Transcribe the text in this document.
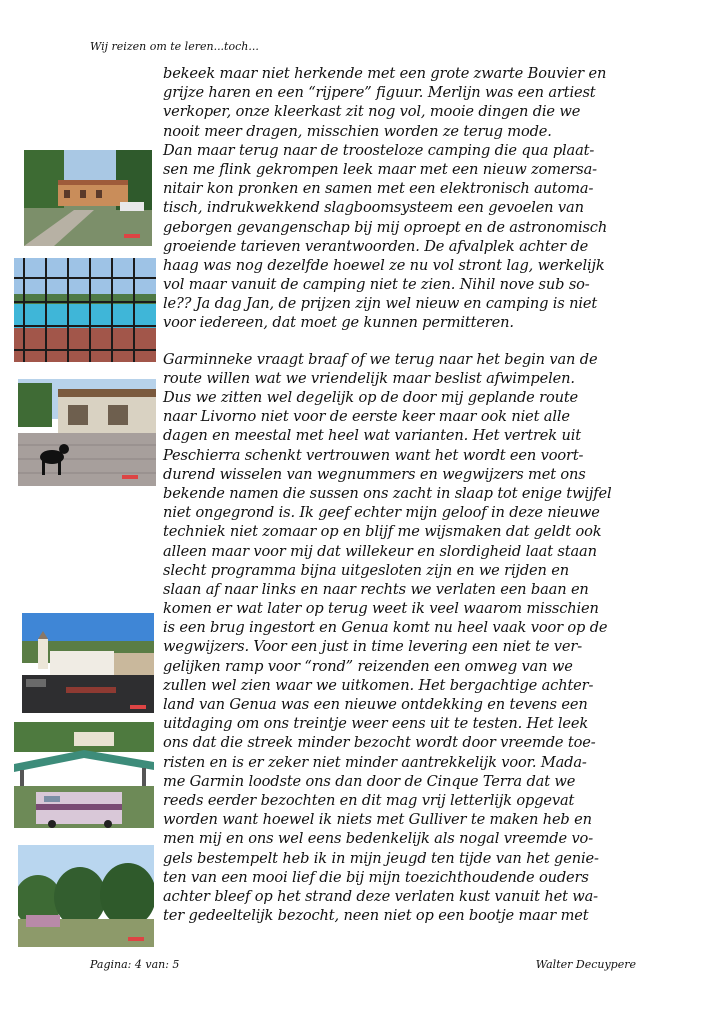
Wij reizen om te leren...toch...
bekeek maar niet herkende met een grote zwarte Bouvier en
grijze haren en een “rijpere” figuur. Merlijn was een artiest
verkoper, onze kleerkast zit nog vol, mooie dingen die we
nooit meer dragen, misschien worden ze terug mode.
Dan maar terug naar de troosteloze camping die qua plaat-
sen me flink gekrompen leek maar met een nieuw zomersa-
nitair kon pronken en samen met een elektronisch automa-
tisch, indrukwekkend slagboomsysteem een gevoelen van
geborgen gevangenschap bij mij oproept en de astronomisch
groeiende tarieven verantwoorden. De afvalplek achter de
haag was nog dezelfde hoewel ze nu vol stront lag, werkelijk
vol maar vanuit de camping niet te zien. Nihil nove sub so-
le?? Ja dag Jan, de prijzen zijn wel nieuw en camping is niet
voor iedereen, dat moet ge kunnen permitteren.
Garminneke vraagt braaf of we terug naar het begin van de
route willen wat we vriendelijk maar beslist afwimpelen.
Dus we zitten wel degelijk op de door mij geplande route
naar Livorno niet voor de eerste keer maar ook niet alle
dagen en meestal met heel wat varianten. Het vertrek uit
Peschierra schenkt vertrouwen want het wordt een voort-
durend wisselen van wegnummers en wegwijzers met ons
bekende namen die sussen ons zacht in slaap tot enige twijfel
niet ongegrond is. Ik geef echter mijn geloof in deze nieuwe
techniek niet zomaar op en blijf me wijsmaken dat geldt ook
alleen maar voor mij dat willekeur en slordigheid laat staan
slecht programma bijna uitgesloten zijn en we rijden en
slaan af naar links en naar rechts we verlaten een baan en
komen er wat later op terug weet ik veel waarom misschien
is een brug ingestort en Genua komt nu heel vaak voor op de
wegwijzers. Voor een just in time levering een niet te ver-
gelijken ramp voor “rond” reizenden een omweg van we
zullen wel zien waar we uitkomen. Het bergachtige achter-
land van Genua was een nieuwe ontdekking en tevens een
uitdaging om ons treintje weer eens uit te testen. Het leek
ons dat die streek minder bezocht wordt door vreemde toe-
risten en is er zeker niet minder aantrekkelijk voor. Mada-
me Garmin loodste ons dan door de Cinque Terra dat we
reeds eerder bezochten en dit mag vrij letterlijk opgevat
worden want hoewel ik niets met Gulliver te maken heb en
men mij en ons wel eens bedenkelijk als nogal vreemde vo-
gels bestempelt heb ik in mijn jeugd ten tijde van het genie-
ten van een mooi lief die bij mijn toezichthoudende ouders
achter bleef op het strand deze verlaten kust vanuit het wa-
ter gedeeltelijk bezocht, neen niet op een bootje maar met
Pagina: 4 van: 5	Walter Decuypere
